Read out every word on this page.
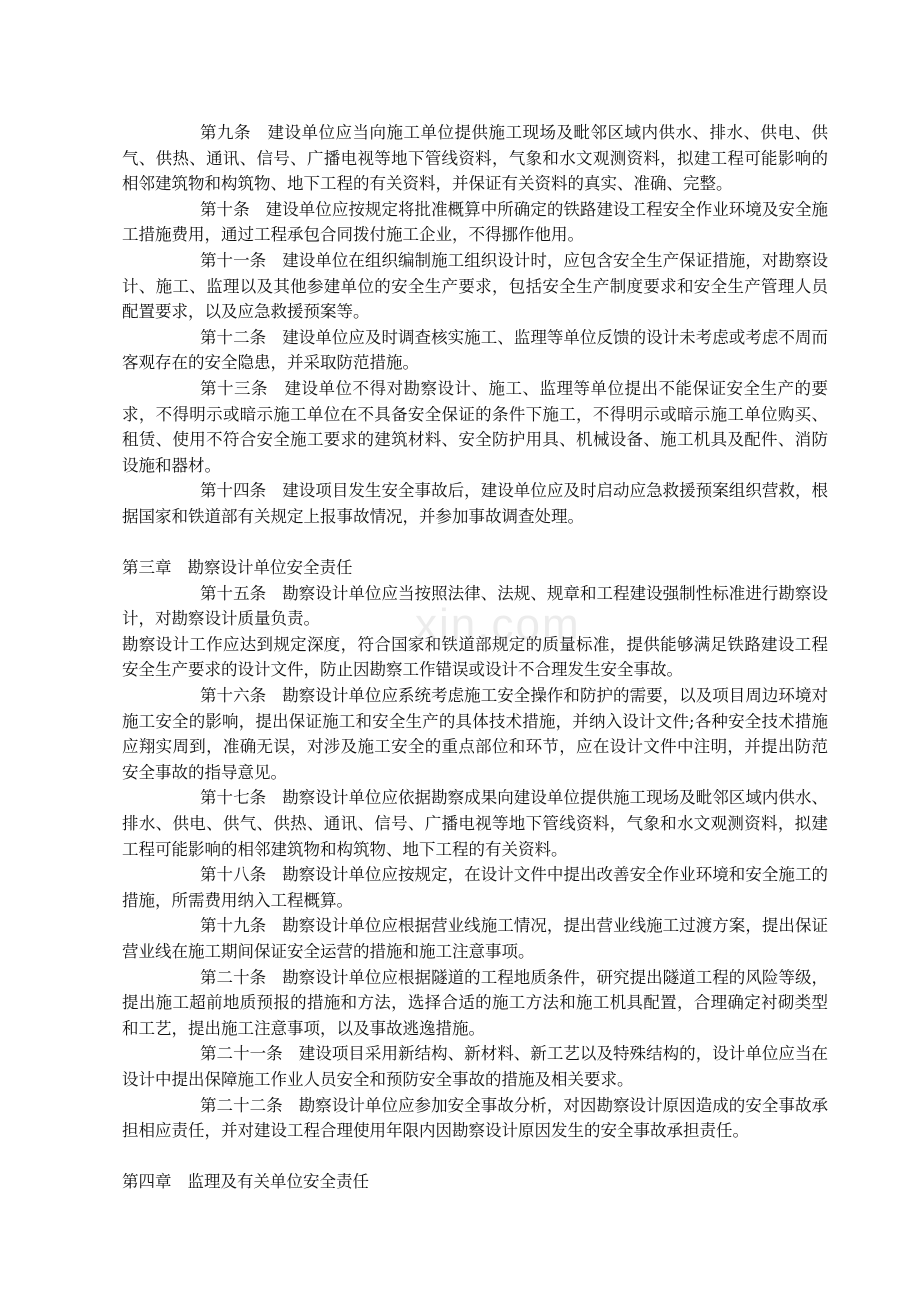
xin.com

第九条 建设单位应当向施工单位提供施工现场及毗邻区域内供水、排水、供电、供气、供热、通讯、信号、广播电视等地下管线资料，气象和水文观测资料，拟建工程可能影响的相邻建筑物和构筑物、地下工程的有关资料，并保证有关资料的真实、准确、完整。

第十条 建设单位应按规定将批准概算中所确定的铁路建设工程安全作业环境及安全施工措施费用，通过工程承包合同拨付施工企业，不得挪作他用。

第十一条 建设单位在组织编制施工组织设计时，应包含安全生产保证措施，对勘察设计、施工、监理以及其他参建单位的安全生产要求，包括安全生产制度要求和安全生产管理人员配置要求，以及应急救援预案等。

第十二条 建设单位应及时调查核实施工、监理等单位反馈的设计未考虑或考虑不周而客观存在的安全隐患，并采取防范措施。

第十三条 建设单位不得对勘察设计、施工、监理等单位提出不能保证安全生产的要求，不得明示或暗示施工单位在不具备安全保证的条件下施工，不得明示或暗示施工单位购买、租赁、使用不符合安全施工要求的建筑材料、安全防护用具、机械设备、施工机具及配件、消防设施和器材。

第十四条 建设项目发生安全事故后，建设单位应及时启动应急救援预案组织营救，根据国家和铁道部有关规定上报事故情况，并参加事故调查处理。

第三章 勘察设计单位安全责任

第十五条 勘察设计单位应当按照法律、法规、规章和工程建设强制性标准进行勘察设计，对勘察设计质量负责。

勘察设计工作应达到规定深度，符合国家和铁道部规定的质量标准，提供能够满足铁路建设工程安全生产要求的设计文件，防止因勘察工作错误或设计不合理发生安全事故。

第十六条 勘察设计单位应系统考虑施工安全操作和防护的需要，以及项目周边环境对施工安全的影响，提出保证施工和安全生产的具体技术措施，并纳入设计文件;各种安全技术措施应翔实周到，准确无误，对涉及施工安全的重点部位和环节，应在设计文件中注明，并提出防范安全事故的指导意见。

第十七条 勘察设计单位应依据勘察成果向建设单位提供施工现场及毗邻区域内供水、排水、供电、供气、供热、通讯、信号、广播电视等地下管线资料，气象和水文观测资料，拟建工程可能影响的相邻建筑物和构筑物、地下工程的有关资料。

第十八条 勘察设计单位应按规定，在设计文件中提出改善安全作业环境和安全施工的措施，所需费用纳入工程概算。

第十九条 勘察设计单位应根据营业线施工情况，提出营业线施工过渡方案，提出保证营业线在施工期间保证安全运营的措施和施工注意事项。

第二十条 勘察设计单位应根据隧道的工程地质条件，研究提出隧道工程的风险等级，提出施工超前地质预报的措施和方法，选择合适的施工方法和施工机具配置，合理确定衬砌类型和工艺，提出施工注意事项，以及事故逃逸措施。

第二十一条 建设项目采用新结构、新材料、新工艺以及特殊结构的，设计单位应当在设计中提出保障施工作业人员安全和预防安全事故的措施及相关要求。

第二十二条 勘察设计单位应参加安全事故分析，对因勘察设计原因造成的安全事故承担相应责任，并对建设工程合理使用年限内因勘察设计原因发生的安全事故承担责任。

第四章 监理及有关单位安全责任
